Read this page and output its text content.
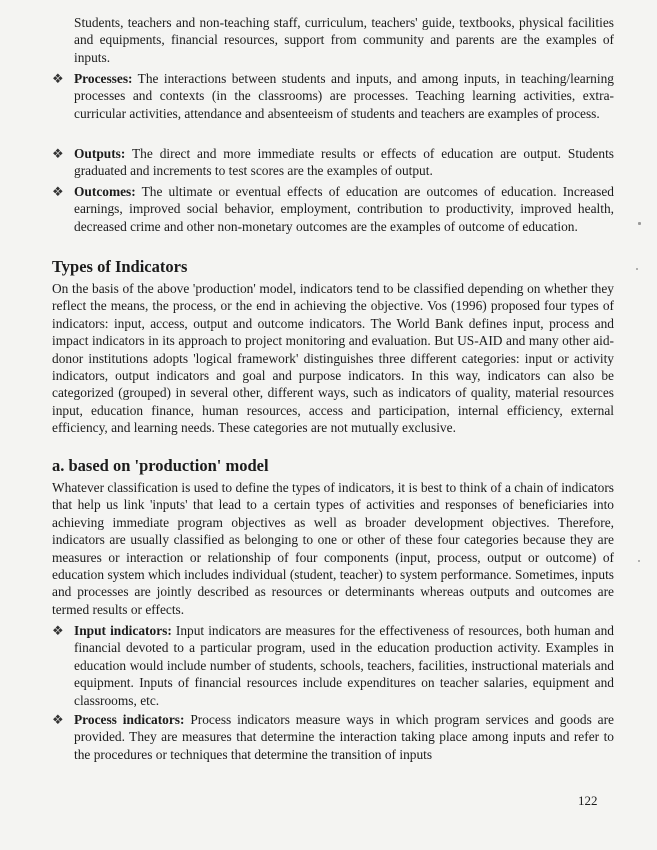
Students, teachers and non-teaching staff, curriculum, teachers' guide, textbooks, physical facilities and equipments, financial resources, support from community and parents are the examples of inputs.

❖ Processes: The interactions between students and inputs, and among inputs, in teaching/learning processes and contexts (in the classrooms) are processes. Teaching learning activities, extra-curricular activities, attendance and absenteeism of students and teachers are examples of process.

❖ Outputs: The direct and more immediate results or effects of education are output. Students graduated and increments to test scores are the examples of output.

❖ Outcomes: The ultimate or eventual effects of education are outcomes of education. Increased earnings, improved social behavior, employment, contribution to productivity, improved health, decreased crime and other non-monetary outcomes are the examples of outcome of education.

Types of Indicators

On the basis of the above 'production' model, indicators tend to be classified depending on whether they reflect the means, the process, or the end in achieving the objective. Vos (1996) proposed four types of indicators: input, access, output and outcome indicators. The World Bank defines input, process and impact indicators in its approach to project monitoring and evaluation. But US-AID and many other aid- donor institutions adopts 'logical framework' distinguishes three different categories: input or activity indicators, output indicators and goal and purpose indicators. In this way, indicators can also be categorized (grouped) in several other, different ways, such as indicators of quality, material resources input, education finance, human resources, access and participation, internal efficiency, external efficiency, and learning needs. These categories are not mutually exclusive.

a. based on 'production' model

Whatever classification is used to define the types of indicators, it is best to think of a chain of indicators that help us link 'inputs' that lead to a certain types of activities and responses of beneficiaries into achieving immediate program objectives as well as broader development objectives. Therefore, indicators are usually classified as belonging to one or other of these four categories because they are measures or interaction or relationship of four components (input, process, output or outcome) of education system which includes individual (student, teacher) to system performance. Sometimes, inputs and processes are jointly described as resources or determinants whereas outputs and outcomes are termed results or effects.

❖ Input indicators: Input indicators are measures for the effectiveness of resources, both human and financial devoted to a particular program, used in the education production activity. Examples in education would include number of students, schools, teachers, facilities, instructional materials and equipment. Inputs of financial resources include expenditures on teacher salaries, equipment and classrooms, etc.

❖ Process indicators: Process indicators measure ways in which program services and goods are provided. They are measures that determine the interaction taking place among inputs and refer to the procedures or techniques that determine the transition of inputs

122
